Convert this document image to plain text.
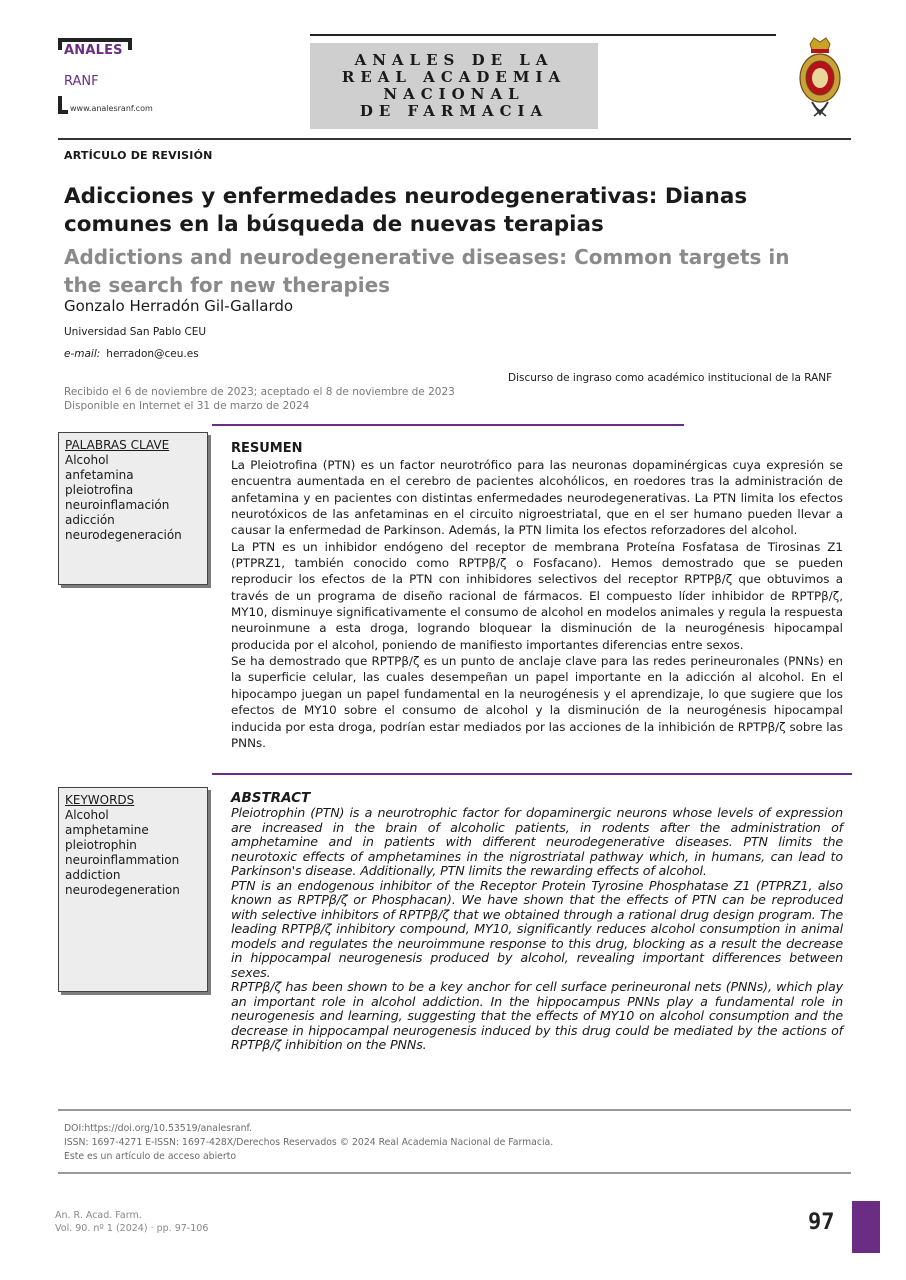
ANALES
RANF
www.analesranf.com
ANALES DE LA
REAL ACADEMIA
NACIONAL
DE FARMACIA
ARTÍCULO DE REVISIÓN
Adicciones y enfermedades neurodegenerativas: Dianas comunes en la búsqueda de nuevas terapias
Addictions and neurodegenerative diseases: Common targets in the search for new therapies
Gonzalo Herradón Gil-Gallardo
Universidad San Pablo CEU
e-mail: herradon@ceu.es
Discurso de ingraso como académico institucional de la RANF
Recibido el 6 de noviembre de 2023; aceptado el 8 de noviembre de 2023
Disponible en Internet el 31 de marzo de 2024
PALABRAS CLAVE
Alcohol
anfetamina
pleiotrofina
neuroinflamación
adicción
neurodegeneración
RESUMEN

La Pleiotrofina (PTN) es un factor neurotrófico para las neuronas dopaminérgicas cuya expresión se encuentra aumentada en el cerebro de pacientes alcohólicos, en roedores tras la administración de anfetamina y en pacientes con distintas enfermedades neurodegenerativas. La PTN limita los efectos neurotóxicos de las anfetaminas en el circuito nigroestriatal, que en el ser humano pueden llevar a causar la enfermedad de Parkinson. Además, la PTN limita los efectos reforzadores del alcohol.

La PTN es un inhibidor endógeno del receptor de membrana Proteína Fosfatasa de Tirosinas Z1 (PTPRZ1, también conocido como RPTPβ/ζ o Fosfacano). Hemos demostrado que se pueden reproducir los efectos de la PTN con inhibidores selectivos del receptor RPTPβ/ζ que obtuvimos a través de un programa de diseño racional de fármacos. El compuesto líder inhibidor de RPTPβ/ζ, MY10, disminuye significativamente el consumo de alcohol en modelos animales y regula la respuesta neuroinmune a esta droga, logrando bloquear la disminución de la neurogénesis hipocampal producida por el alcohol, poniendo de manifiesto importantes diferencias entre sexos.

Se ha demostrado que RPTPβ/ζ es un punto de anclaje clave para las redes perineuronales (PNNs) en la superficie celular, las cuales desempeñan un papel importante en la adicción al alcohol. En el hipocampo juegan un papel fundamental en la neurogénesis y el aprendizaje, lo que sugiere que los efectos de MY10 sobre el consumo de alcohol y la disminución de la neurogénesis hipocampal inducida por esta droga, podrían estar mediados por las acciones de la inhibición de RPTPβ/ζ sobre las PNNs.

KEYWORDS
Alcohol
amphetamine
pleiotrophin
neuroinflammation
addiction
neurodegeneration
ABSTRACT

Pleiotrophin (PTN) is a neurotrophic factor for dopaminergic neurons whose levels of expression are increased in the brain of alcoholic patients, in rodents after the administration of amphetamine and in patients with different neurodegenerative diseases. PTN limits the neurotoxic effects of amphetamines in the nigrostriatal pathway which, in humans, can lead to Parkinson's disease. Additionally, PTN limits the rewarding effects of alcohol.

PTN is an endogenous inhibitor of the Receptor Protein Tyrosine Phosphatase Z1 (PTPRZ1, also known as RPTPβ/ζ or Phosphacan). We have shown that the effects of PTN can be reproduced with selective inhibitors of RPTPβ/ζ that we obtained through a rational drug design program. The leading RPTPβ/ζ inhibitory compound, MY10, significantly reduces alcohol consumption in animal models and regulates the neuroimmune response to this drug, blocking as a result the decrease in hippocampal neurogenesis produced by alcohol, revealing important differences between sexes.

RPTPβ/ζ has been shown to be a key anchor for cell surface perineuronal nets (PNNs), which play an important role in alcohol addiction. In the hippocampus PNNs play a fundamental role in neurogenesis and learning, suggesting that the effects of MY10 on alcohol consumption and the decrease in hippocampal neurogenesis induced by this drug could be mediated by the actions of RPTPβ/ζ inhibition on the PNNs.

DOI:https://doi.org/10.53519/analesranf.
ISSN: 1697-4271 E-ISSN: 1697-428X/Derechos Reservados © 2024 Real Academia Nacional de Farmacia.
Este es un artículo de acceso abierto
An. R. Acad. Farm.
Vol. 90. nº 1 (2024) · pp. 97-106	97
